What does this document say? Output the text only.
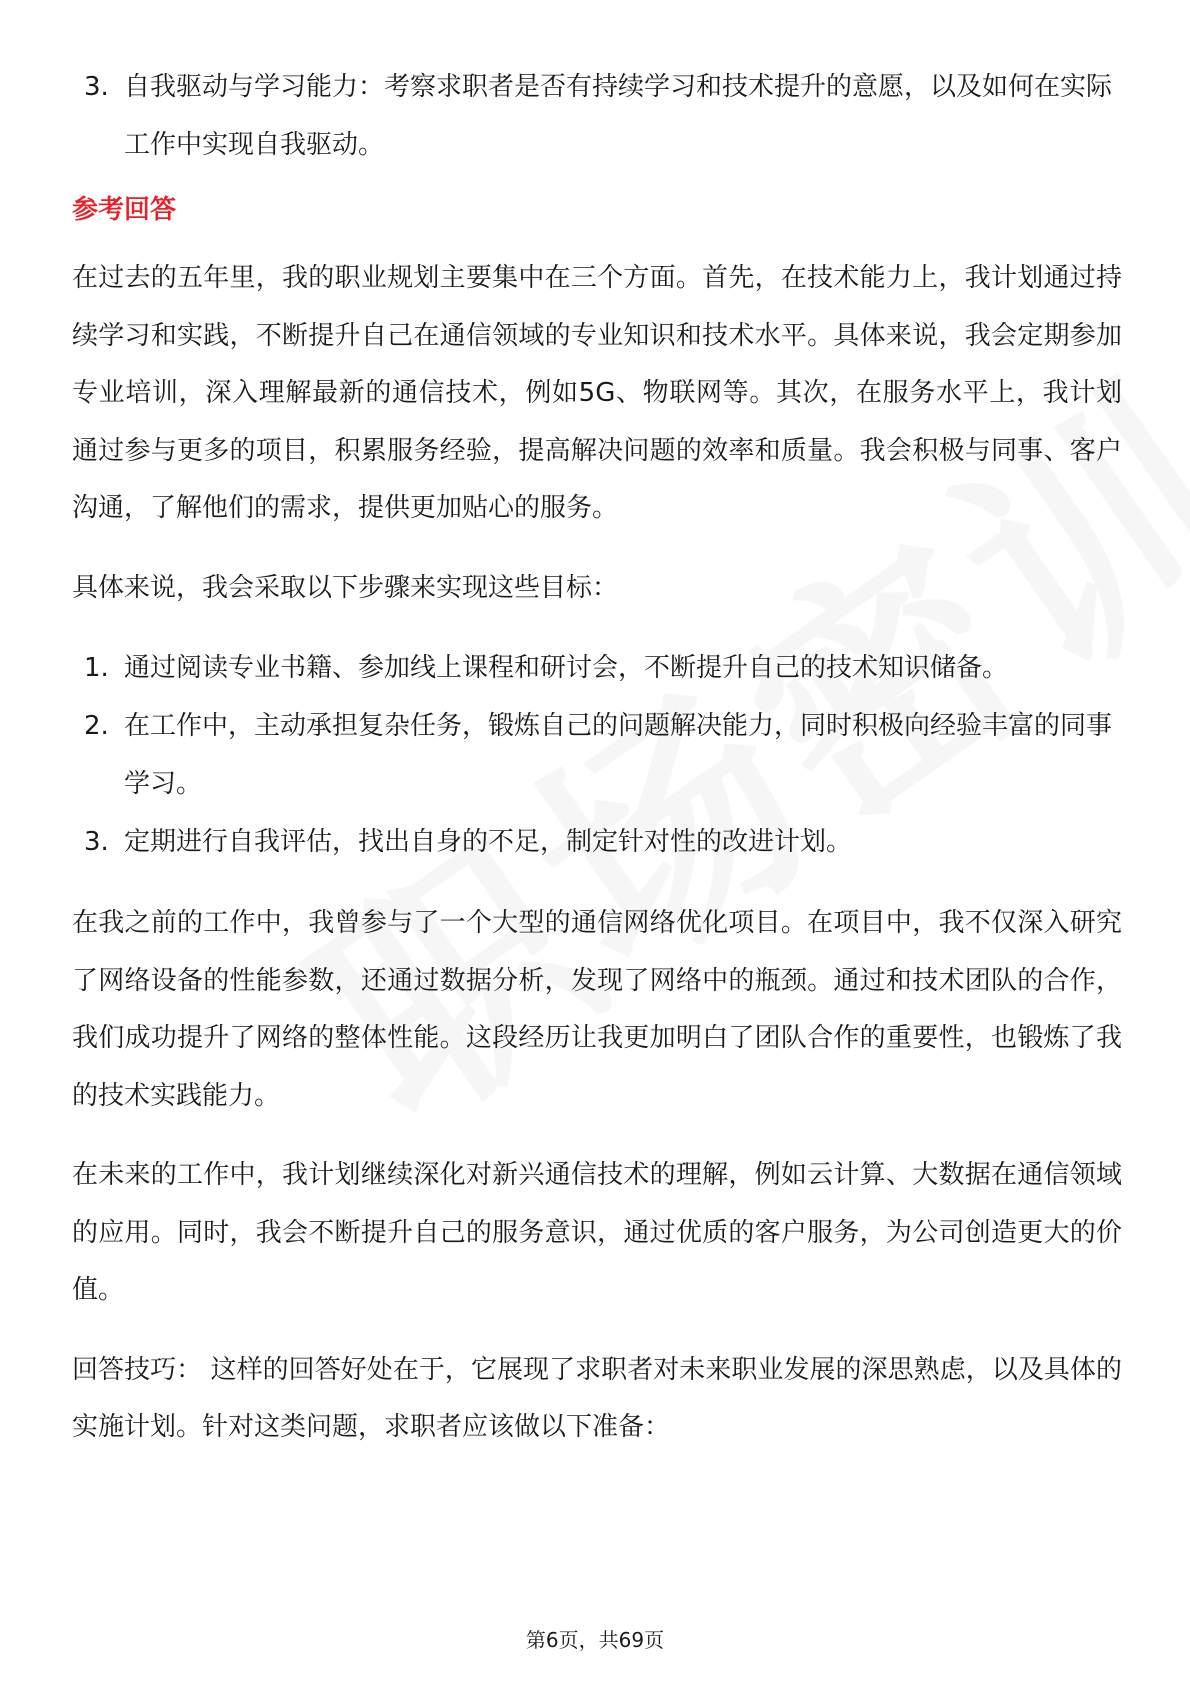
3. 自我驱动与学习能力：考察求职者是否有持续学习和技术提升的意愿，以及如何在实际工作中实现自我驱动。
参考回答

在过去的五年里，我的职业规划主要集中在三个方面。首先，在技术能力上，我计划通过持续学习和实践，不断提升自己在通信领域的专业知识和技术水平。具体来说，我会定期参加专业培训，深入理解最新的通信技术，例如5G、物联网等。其次，在服务水平上，我计划通过参与更多的项目，积累服务经验，提高解决问题的效率和质量。我会积极与同事、客户沟通，了解他们的需求，提供更加贴心的服务。

具体来说，我会采取以下步骤来实现这些目标：

1. 通过阅读专业书籍、参加线上课程和研讨会，不断提升自己的技术知识储备。
2. 在工作中，主动承担复杂任务，锻炼自己的问题解决能力，同时积极向经验丰富的同事学习。
3. 定期进行自我评估，找出自身的不足，制定针对性的改进计划。

在我之前的工作中，我曾参与了一个大型的通信网络优化项目。在项目中，我不仅深入研究了网络设备的性能参数，还通过数据分析，发现了网络中的瓶颈。通过和技术团队的合作，我们成功提升了网络的整体性能。这段经历让我更加明白了团队合作的重要性，也锻炼了我的技术实践能力。

在未来的工作中，我计划继续深化对新兴通信技术的理解，例如云计算、大数据在通信领域的应用。同时，我会不断提升自己的服务意识，通过优质的客户服务，为公司创造更大的价值。

回答技巧： 这样的回答好处在于，它展现了求职者对未来职业发展的深思熟虑，以及具体的实施计划。针对这类问题，求职者应该做以下准备：

第6页，共69页
